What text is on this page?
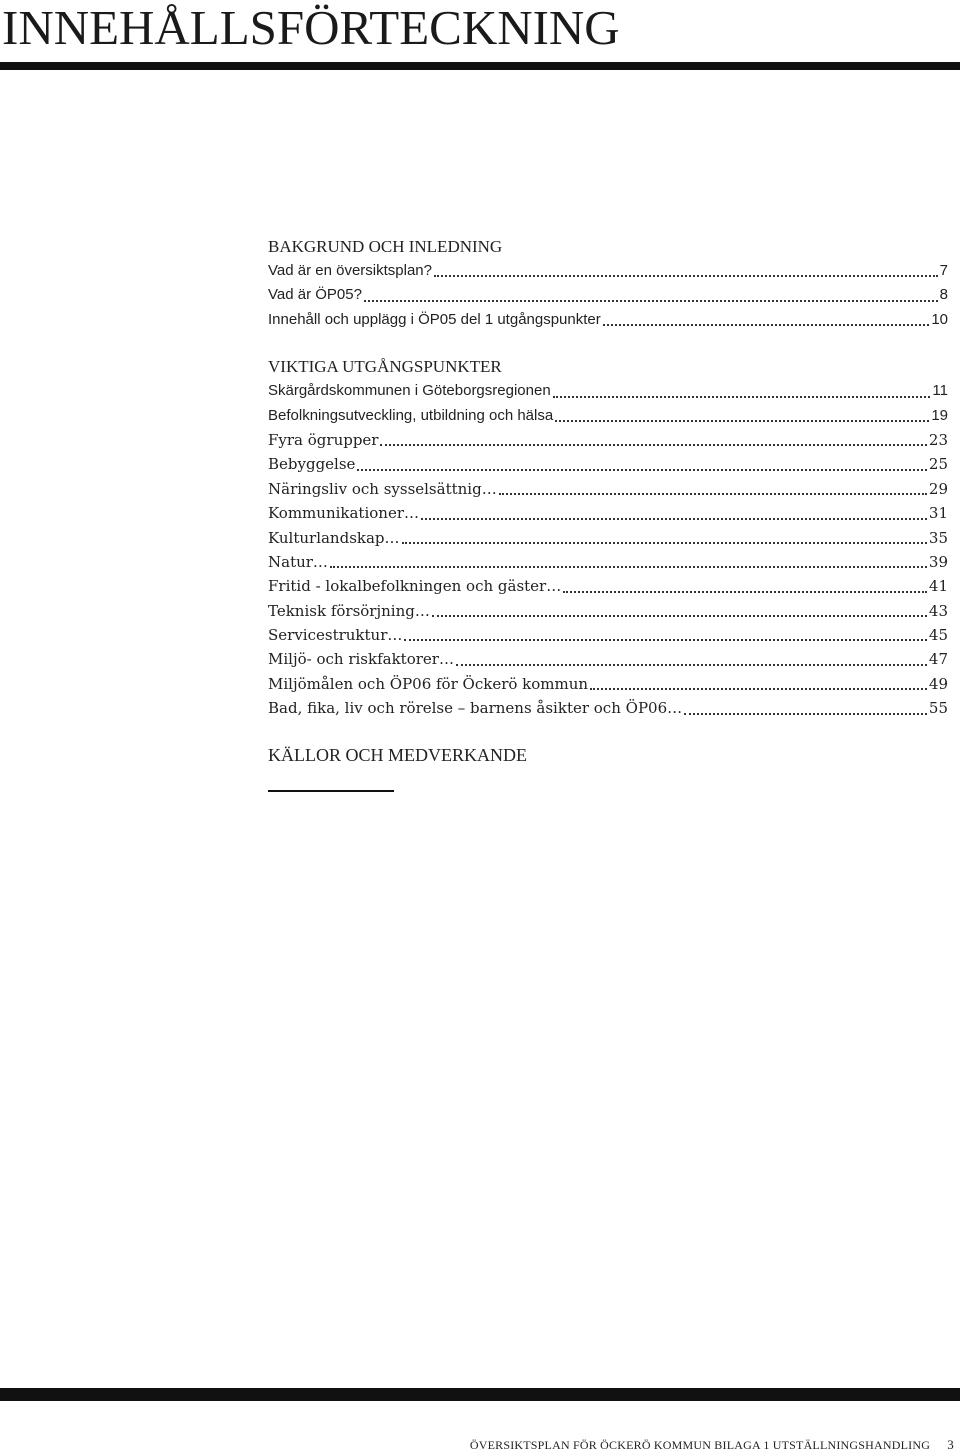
INNEHÅLLSFÖRTECKNING
BAKGRUND OCH INLEDNING
Vad är en översiktsplan?	7
Vad är ÖP05?	8
Innehåll och upplägg i ÖP05 del 1 utgångspunkter	10
VIKTIGA UTGÅNGSPUNKTER
Skärgårdskommunen i Göteborgsregionen	11
Befolkningsutveckling, utbildning och hälsa	19
Fyra ögrupper	23
Bebyggelse	25
Näringsliv och sysselsättnig…	29
Kommunikationer…	31
Kulturlandskap…	35
Natur…	39
Fritid - lokalbefolkningen och gäster…	41
Teknisk försörjning…	43
Servicestruktur…	45
Miljö- och riskfaktorer…	47
Miljömålen och ÖP06 för Öckerö kommun	49
Bad, fika, liv och rörelse – barnens åsikter och ÖP06…	55
KÄLLOR OCH MEDVERKANDE
ÖVERSIKTSPLAN FÖR ÖCKERÖ KOMMUN BILAGA 1 UTSTÄLLNINGSHANDLING 3
